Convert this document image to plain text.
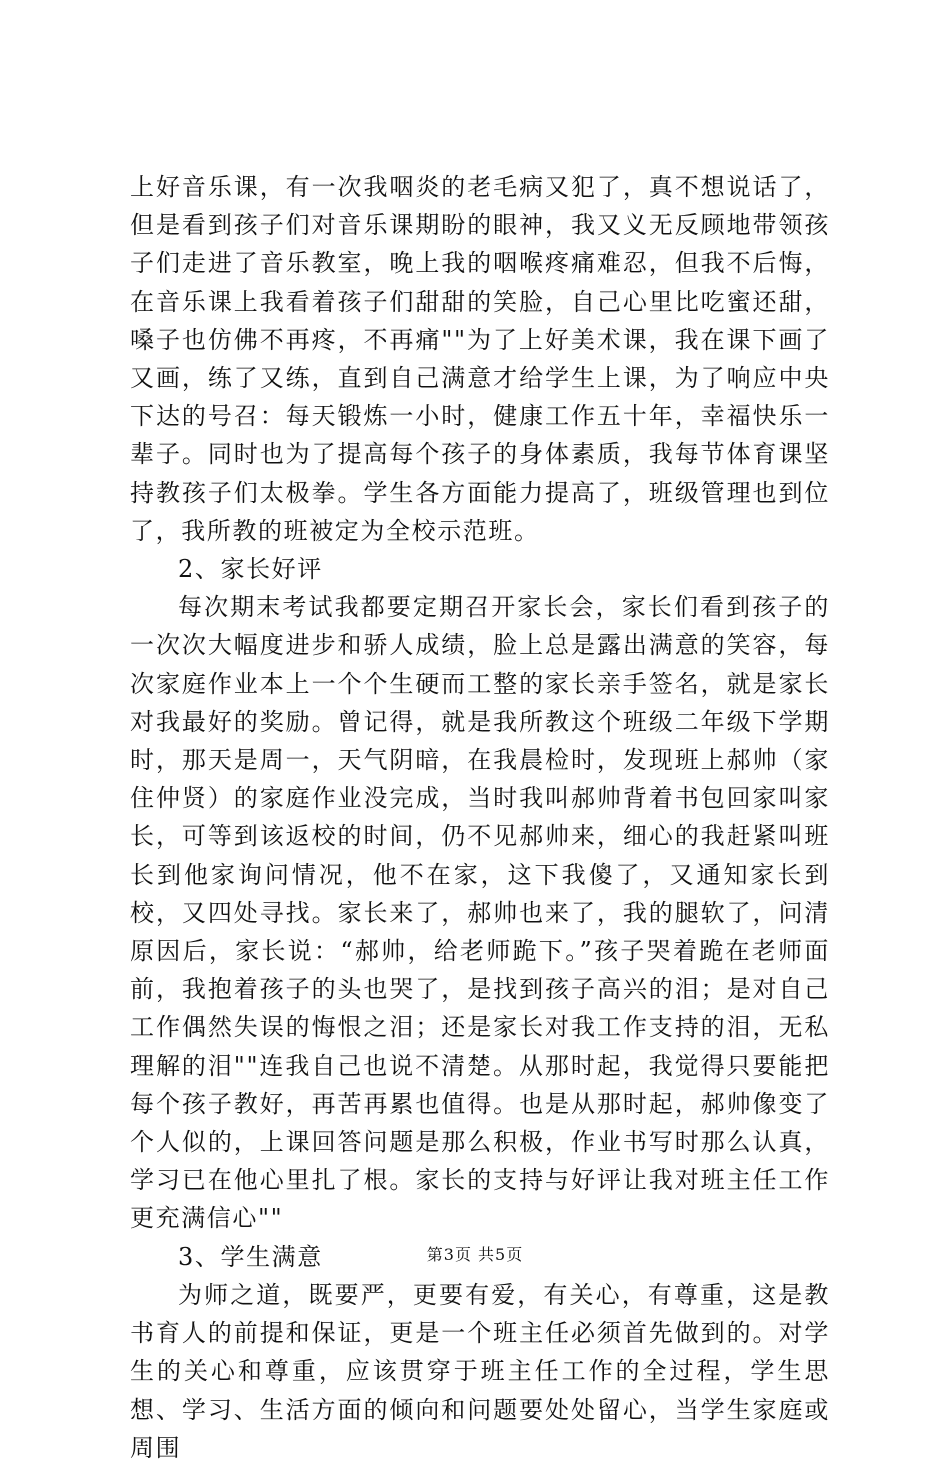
上好音乐课，有一次我咽炎的老毛病又犯了，真不想说话了，但是看到孩子们对音乐课期盼的眼神，我又义无反顾地带领孩子们走进了音乐教室，晚上我的咽喉疼痛难忍，但我不后悔，在音乐课上我看着孩子们甜甜的笑脸，自己心里比吃蜜还甜，嗓子也仿佛不再疼，不再痛""为了上好美术课，我在课下画了又画，练了又练，直到自己满意才给学生上课，为了响应中央下达的号召：每天锻炼一小时，健康工作五十年，幸福快乐一辈子。同时也为了提高每个孩子的身体素质，我每节体育课坚持教孩子们太极拳。学生各方面能力提高了，班级管理也到位了，我所教的班被定为全校示范班。

2、家长好评

每次期末考试我都要定期召开家长会，家长们看到孩子的一次次大幅度进步和骄人成绩，脸上总是露出满意的笑容，每次家庭作业本上一个个生硬而工整的家长亲手签名，就是家长对我最好的奖励。曾记得，就是我所教这个班级二年级下学期时，那天是周一，天气阴暗，在我晨检时，发现班上郝帅（家住仲贤）的家庭作业没完成，当时我叫郝帅背着书包回家叫家长，可等到该返校的时间，仍不见郝帅来，细心的我赶紧叫班长到他家询问情况，他不在家，这下我傻了，又通知家长到校，又四处寻找。家长来了，郝帅也来了，我的腿软了，问清原因后，家长说：“郝帅，给老师跪下。”孩子哭着跪在老师面前，我抱着孩子的头也哭了，是找到孩子高兴的泪；是对自己工作偶然失误的悔恨之泪；还是家长对我工作支持的泪，无私理解的泪""连我自己也说不清楚。从那时起，我觉得只要能把每个孩子教好，再苦再累也值得。也是从那时起，郝帅像变了个人似的，上课回答问题是那么积极，作业书写时那么认真，学习已在他心里扎了根。家长的支持与好评让我对班主任工作更充满信心""

3、学生满意

为师之道，既要严，更要有爱，有关心，有尊重，这是教书育人的前提和保证，更是一个班主任必须首先做到的。对学生的关心和尊重，应该贯穿于班主任工作的全过程，学生思想、学习、生活方面的倾向和问题要处处留心，当学生家庭或周围

第3页 共5页
